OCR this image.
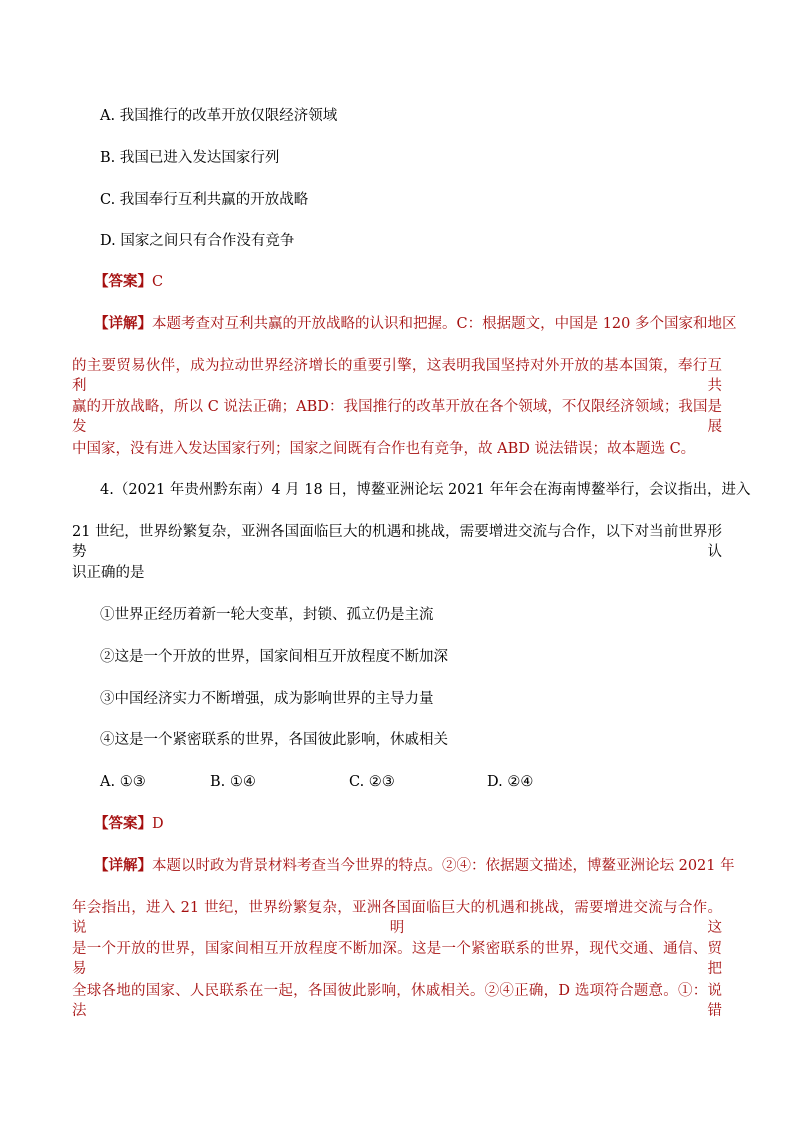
A. 我国推行的改革开放仅限经济领域
B. 我国已进入发达国家行列
C. 我国奉行互利共赢的开放战略
D. 国家之间只有合作没有竞争
【答案】C
【详解】本题考查对互利共赢的开放战略的认识和把握。C：根据题文，中国是 120 多个国家和地区
的主要贸易伙伴，成为拉动世界经济增长的重要引擎，这表明我国坚持对外开放的基本国策，奉行互利共
赢的开放战略，所以 C 说法正确；ABD：我国推行的改革开放在各个领域，不仅限经济领域；我国是发展
中国家，没有进入发达国家行列；国家之间既有合作也有竞争，故 ABD 说法错误；故本题选 C。
4.（2021 年贵州黔东南）4 月 18 日，博鳌亚洲论坛 2021 年年会在海南博鳌举行，会议指出，进入
21 世纪，世界纷繁复杂，亚洲各国面临巨大的机遇和挑战，需要增进交流与合作，以下对当前世界形势认
识正确的是
①世界正经历着新一轮大变革，封锁、孤立仍是主流
②这是一个开放的世界，国家间相互开放程度不断加深
③中国经济实力不断增强，成为影响世界的主导力量
④这是一个紧密联系的世界，各国彼此影响，休戚相关
A. ①③	B. ①④	C. ②③	D. ②④
【答案】D
【详解】本题以时政为背景材料考查当今世界的特点。②④：依据题文描述，博鳌亚洲论坛 2021 年
年会指出，进入 21 世纪，世界纷繁复杂，亚洲各国面临巨大的机遇和挑战，需要增进交流与合作。说明这
是一个开放的世界，国家间相互开放程度不断加深。这是一个紧密联系的世界，现代交通、通信、贸易把
全球各地的国家、人民联系在一起，各国彼此影响，休戚相关。②④正确，D 选项符合题意。①：说法错
